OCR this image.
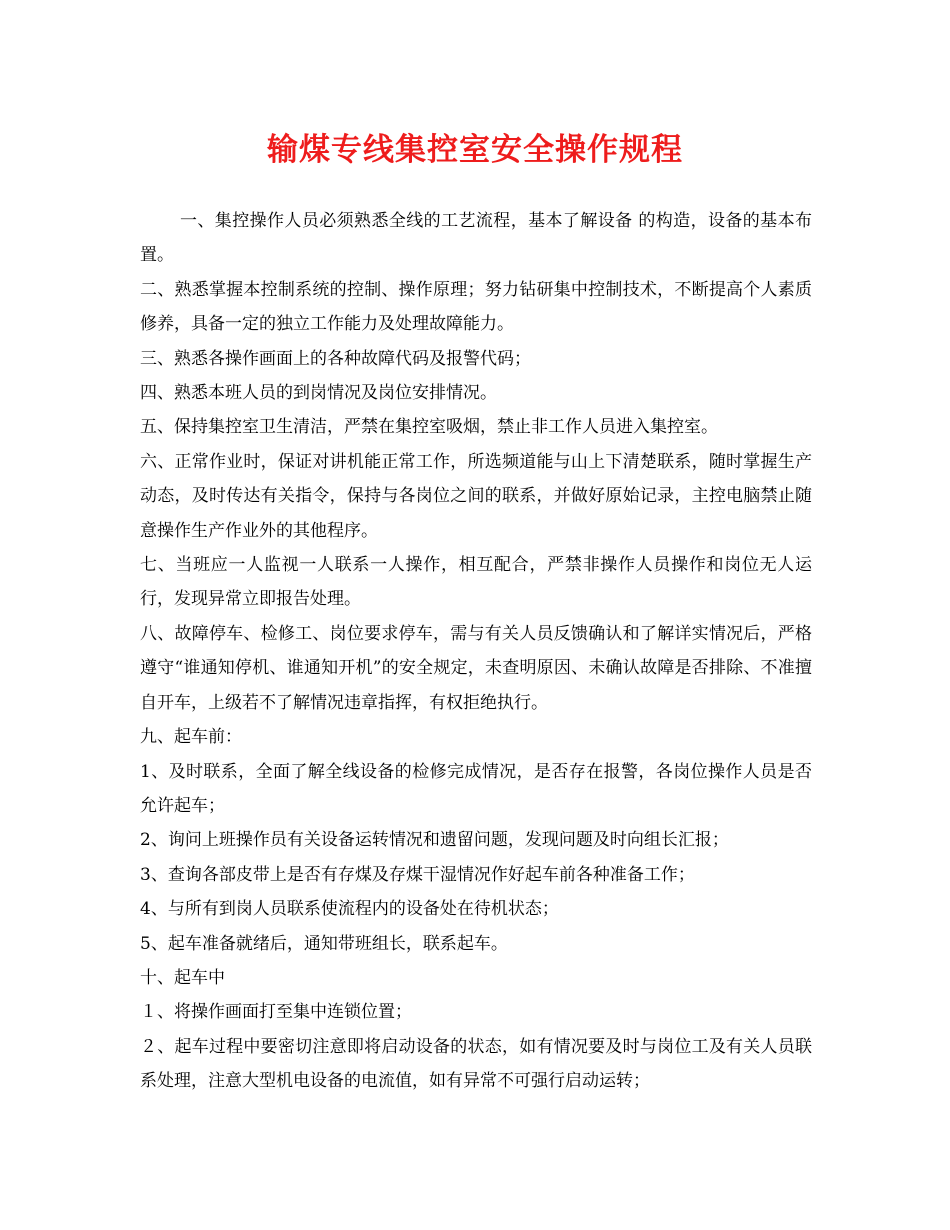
输煤专线集控室安全操作规程

一、集控操作人员必须熟悉全线的工艺流程，基本了解设备 的构造，设备的基本布置。

二、熟悉掌握本控制系统的控制、操作原理；努力钻研集中控制技术，不断提高个人素质修养，具备一定的独立工作能力及处理故障能力。

三、熟悉各操作画面上的各种故障代码及报警代码；

四、熟悉本班人员的到岗情况及岗位安排情况。

五、保持集控室卫生清洁，严禁在集控室吸烟，禁止非工作人员进入集控室。

六、正常作业时，保证对讲机能正常工作，所选频道能与山上下清楚联系，随时掌握生产动态，及时传达有关指令，保持与各岗位之间的联系，并做好原始记录，主控电脑禁止随意操作生产作业外的其他程序。

七、当班应一人监视一人联系一人操作，相互配合，严禁非操作人员操作和岗位无人运行，发现异常立即报告处理。

八、故障停车、检修工、岗位要求停车，需与有关人员反馈确认和了解详实情况后，严格遵守“谁通知停机、谁通知开机”的安全规定，未查明原因、未确认故障是否排除、不准擅自开车，上级若不了解情况违章指挥，有权拒绝执行。

九、起车前：

1、及时联系，全面了解全线设备的检修完成情况，是否存在报警，各岗位操作人员是否允许起车；

2、询问上班操作员有关设备运转情况和遗留问题，发现问题及时向组长汇报；

3、查询各部皮带上是否有存煤及存煤干湿情况作好起车前各种准备工作；

4、与所有到岗人员联系使流程内的设备处在待机状态；

5、起车准备就绪后，通知带班组长，联系起车。

十、起车中

１、将操作画面打至集中连锁位置；

２、起车过程中要密切注意即将启动设备的状态，如有情况要及时与岗位工及有关人员联系处理，注意大型机电设备的电流值，如有异常不可强行启动运转；
